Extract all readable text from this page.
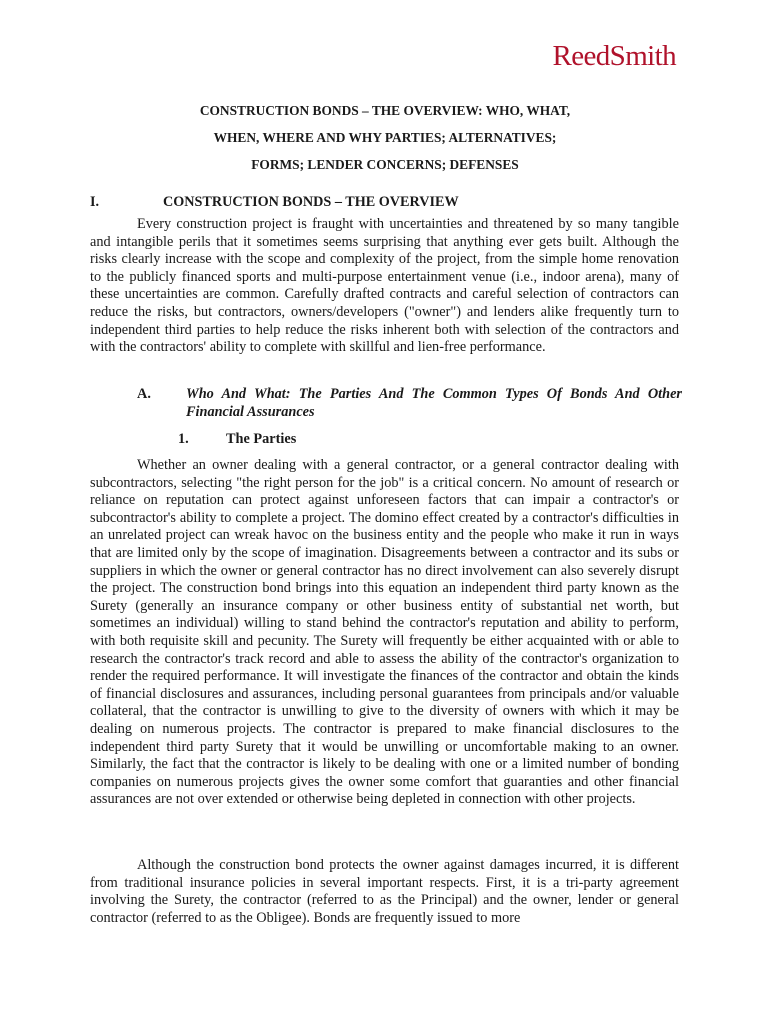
ReedSmith
CONSTRUCTION BONDS – THE OVERVIEW: WHO, WHAT,
WHEN, WHERE AND WHY PARTIES; ALTERNATIVES;
FORMS; LENDER CONCERNS; DEFENSES
I.	CONSTRUCTION BONDS – THE OVERVIEW

Every construction project is fraught with uncertainties and threatened by so many tangible and intangible perils that it sometimes seems surprising that anything ever gets built. Although the risks clearly increase with the scope and complexity of the project, from the simple home renovation to the publicly financed sports and multi-purpose entertainment venue (i.e., indoor arena), many of these uncertainties are common. Carefully drafted contracts and careful selection of contractors can reduce the risks, but contractors, owners/developers ("owner") and lenders alike frequently turn to independent third parties to help reduce the risks inherent both with selection of the contractors and with the contractors' ability to complete with skillful and lien-free performance.

A. Who And What: The Parties And The Common Types Of Bonds And Other Financial Assurances
1.	The Parties

Whether an owner dealing with a general contractor, or a general contractor dealing with subcontractors, selecting "the right person for the job" is a critical concern. No amount of research or reliance on reputation can protect against unforeseen factors that can impair a contractor's or subcontractor's ability to complete a project. The domino effect created by a contractor's difficulties in an unrelated project can wreak havoc on the business entity and the people who make it run in ways that are limited only by the scope of imagination. Disagreements between a contractor and its subs or suppliers in which the owner or general contractor has no direct involvement can also severely disrupt the project. The construction bond brings into this equation an independent third party known as the Surety (generally an insurance company or other business entity of substantial net worth, but sometimes an individual) willing to stand behind the contractor's reputation and ability to perform, with both requisite skill and pecunity. The Surety will frequently be either acquainted with or able to research the contractor's track record and able to assess the ability of the contractor's organization to render the required performance. It will investigate the finances of the contractor and obtain the kinds of financial disclosures and assurances, including personal guarantees from principals and/or valuable collateral, that the contractor is unwilling to give to the diversity of owners with which it may be dealing on numerous projects. The contractor is prepared to make financial disclosures to the independent third party Surety that it would be unwilling or uncomfortable making to an owner. Similarly, the fact that the contractor is likely to be dealing with one or a limited number of bonding companies on numerous projects gives the owner some comfort that guaranties and other financial assurances are not over extended or otherwise being depleted in connection with other projects.

Although the construction bond protects the owner against damages incurred, it is different from traditional insurance policies in several important respects. First, it is a tri-party agreement involving the Surety, the contractor (referred to as the Principal) and the owner, lender or general contractor (referred to as the Obligee). Bonds are frequently issued to more
